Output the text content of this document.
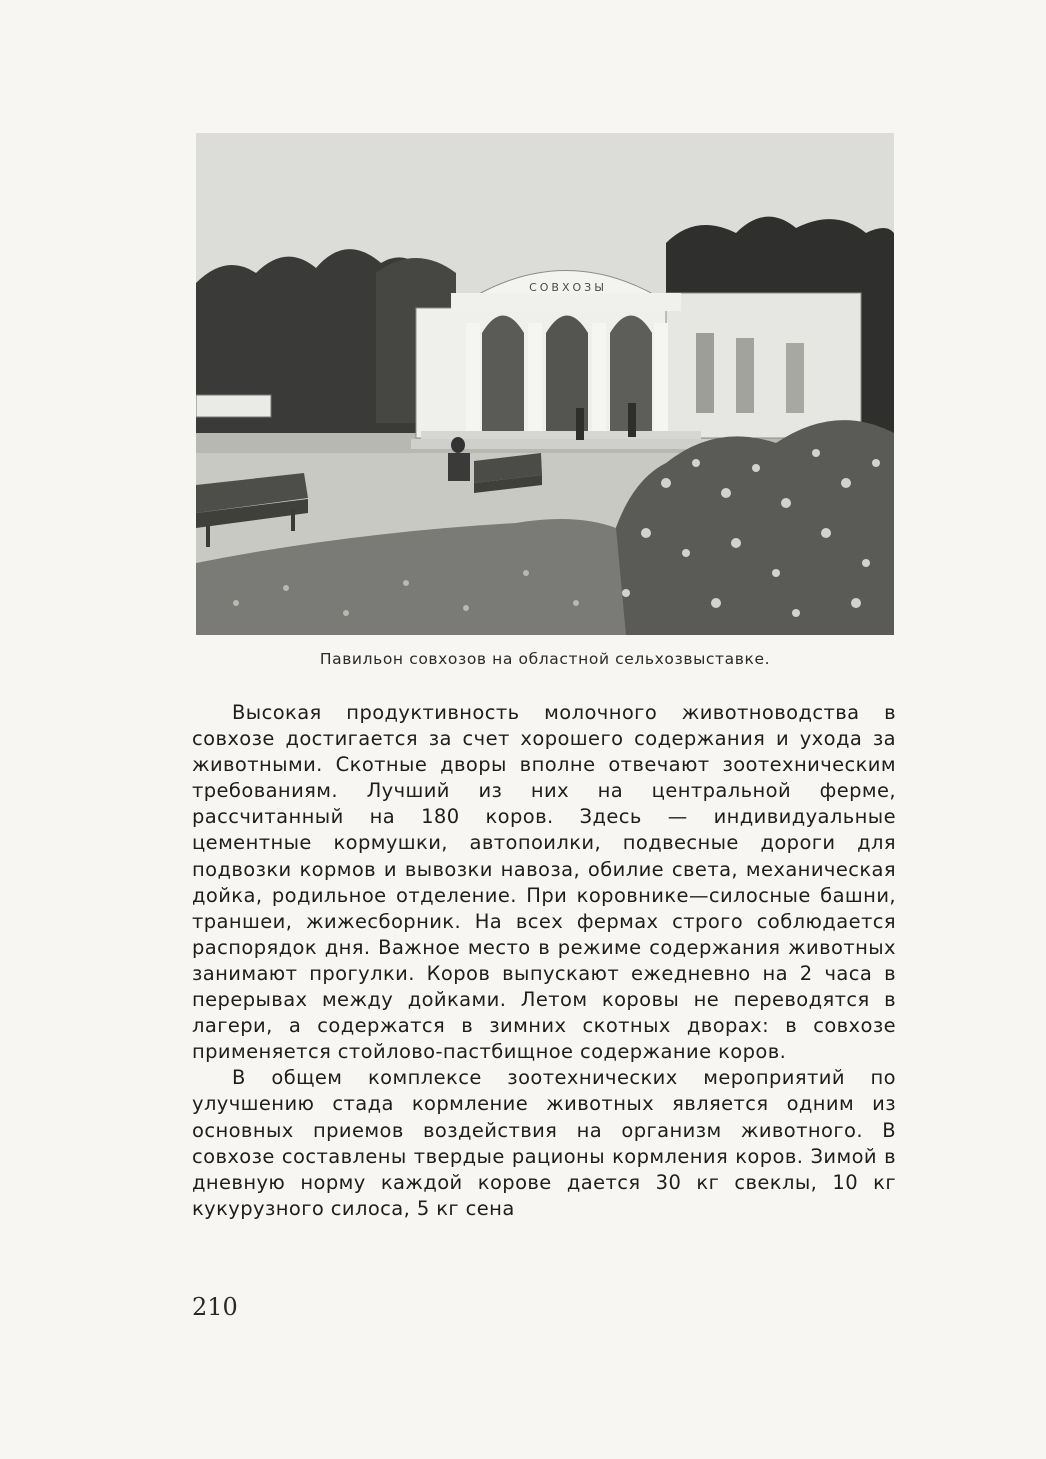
СОВХОЗЫ
Павильон совхозов на областной сельхозвыставке.

Высокая продуктивность молочного животноводства в совхозе достигается за счет хорошего содержания и ухода за животными. Скотные дворы вполне отвечают зоотехническим требованиям. Лучший из них на центральной ферме, рассчитанный на 180 коров. Здесь — индивидуальные цементные кормушки, автопоилки, подвесные дороги для подвозки кормов и вывозки навоза, обилие света, механическая дойка, родильное отделение. При коровнике—силосные башни, траншеи, жижесборник. На всех фермах строго соблюдается распорядок дня. Важное место в режиме содержания животных занимают прогулки. Коров выпускают ежедневно на 2 часа в перерывах между дойками. Летом коровы не переводятся в лагери, а содержатся в зимних скотных дворах: в совхозе применяется стойлово-пастбищное содержание коров.

В общем комплексе зоотехнических мероприятий по улучшению стада кормление животных является одним из основных приемов воздействия на организм животного. В совхозе составлены твердые рационы кормления коров. Зимой в дневную норму каждой корове дается 30 кг свеклы, 10 кг кукурузного силоса, 5 кг сена

210
